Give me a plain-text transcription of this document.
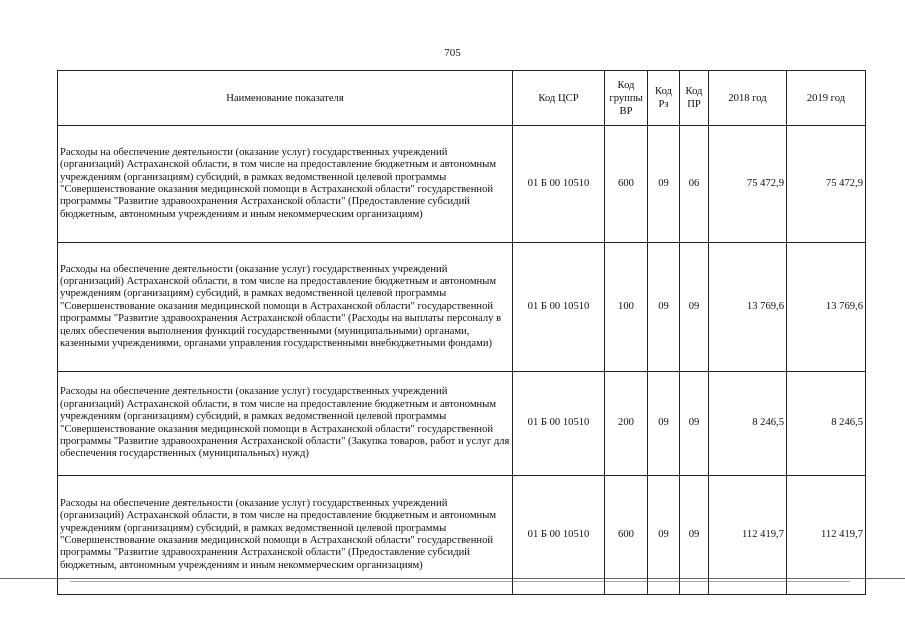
705
Наименование показателя	Код ЦСР	Код группы ВР	Код Рз	Код ПР	2018 год	2019 год
Расходы на обеспечение деятельности (оказание услуг) государственных учреждений (организаций) Астраханской области, в том числе на предоставление бюджетным и автономным учреждениям (организациям) субсидий, в рамках ведомственной целевой программы "Совершенствование оказания медицинской помощи в Астраханской области" государственной программы "Развитие здравоохранения Астраханской области" (Предоставление субсидий бюджетным, автономным учреждениям и иным некоммерческим организациям)	01 Б 00 10510	600	09	06	75 472,9	75 472,9
Расходы на обеспечение деятельности (оказание услуг) государственных учреждений (организаций) Астраханской области, в том числе на предоставление бюджетным и автономным учреждениям (организациям) субсидий, в рамках ведомственной целевой программы "Совершенствование оказания медицинской помощи в Астраханской области" государственной программы "Развитие здравоохранения Астраханской области" (Расходы на выплаты персоналу в целях обеспечения выполнения функций государственными (муниципальными) органами, казенными учреждениями, органами управления государственными внебюджетными фондами)	01 Б 00 10510	100	09	09	13 769,6	13 769,6
Расходы на обеспечение деятельности (оказание услуг) государственных учреждений (организаций) Астраханской области, в том числе на предоставление бюджетным и автономным учреждениям (организациям) субсидий, в рамках ведомственной целевой программы "Совершенствование оказания медицинской помощи в Астраханской области" государственной программы "Развитие здравоохранения Астраханской области" (Закупка товаров, работ и услуг для обеспечения государственных (муниципальных) нужд)	01 Б 00 10510	200	09	09	8 246,5	8 246,5
Расходы на обеспечение деятельности (оказание услуг) государственных учреждений (организаций) Астраханской области, в том числе на предоставление бюджетным и автономным учреждениям (организациям) субсидий, в рамках ведомственной целевой программы "Совершенствование оказания медицинской помощи в Астраханской области" государственной программы "Развитие здравоохранения Астраханской области" (Предоставление субсидий бюджетным, автономным учреждениям и иным некоммерческим организациям)	01 Б 00 10510	600	09	09	112 419,7	112 419,7
